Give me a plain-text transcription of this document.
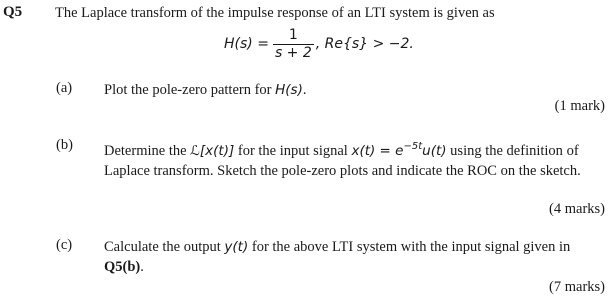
Q5 The Laplace transform of the impulse response of an LTI system is given as
$H(s) = \frac{1}{s + 2}$ , Re{s} > −2.
(a) Plot the pole-zero pattern for H(s).
(1 mark)
(b) Determine the ℒ[x(t)] for the input signal $x(t) = e^{-5t}u(t)$ using the definition of Laplace transform. Sketch the pole-zero plots and indicate the ROC on the sketch.
(4 marks)
(c) Calculate the output y(t) for the above LTI system with the input signal given in Q5(b).
(7 marks)
